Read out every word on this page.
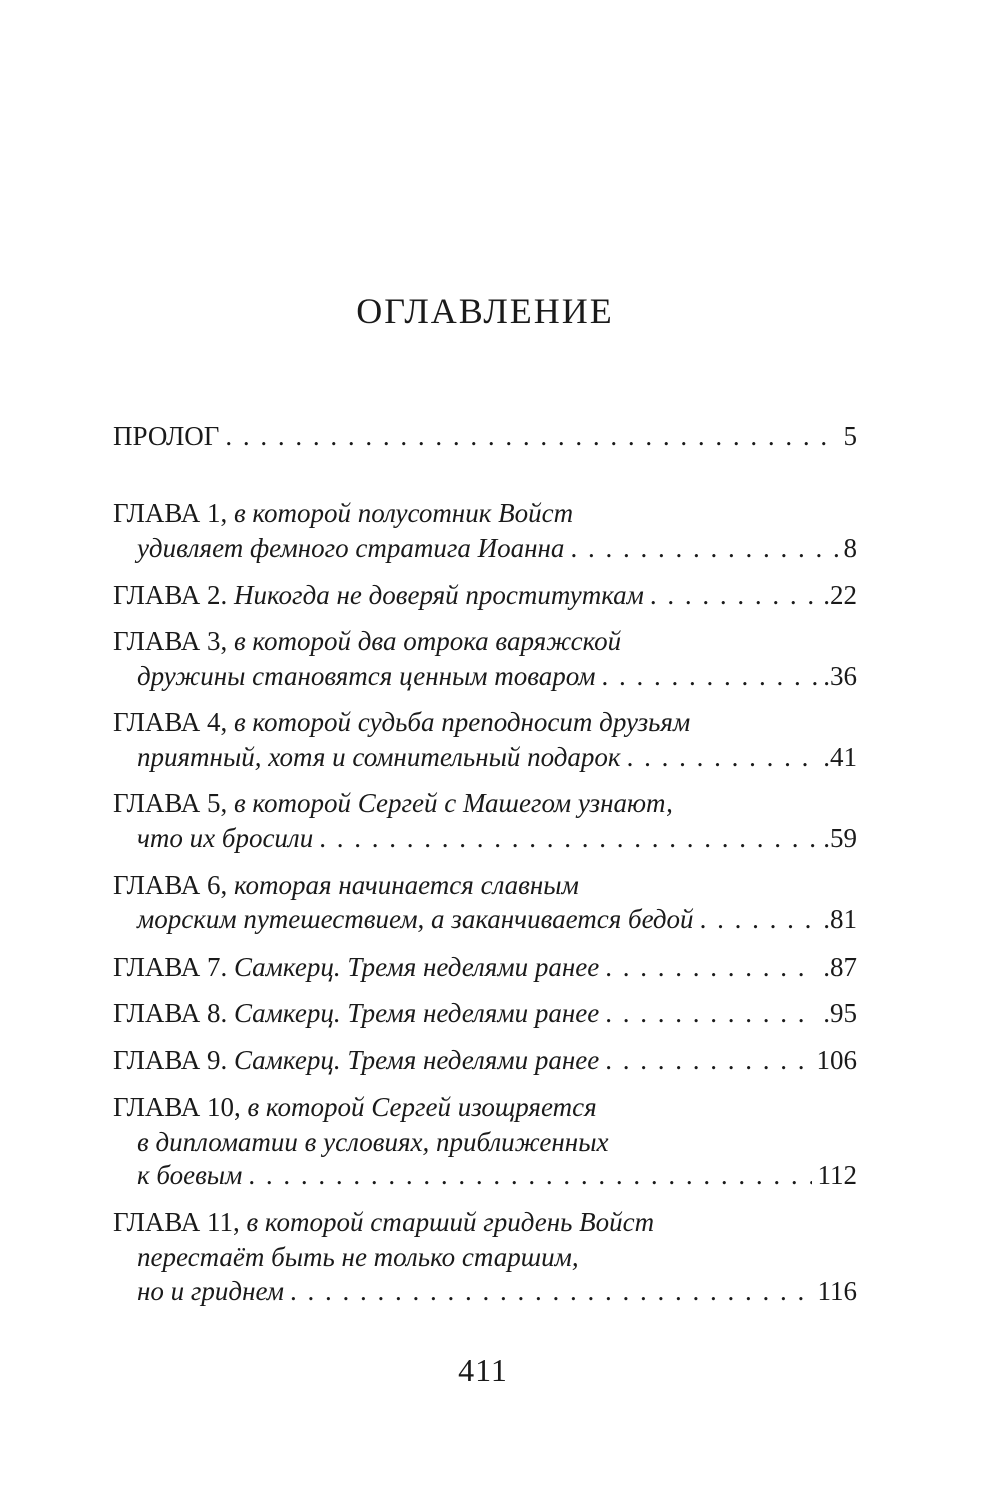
ОГЛАВЛЕНИЕ
ПРОЛОГ . . .	5
ГЛАВА 1 , в которой полусотник Войст
удивляет фемного стратига Иоанна . . .	8
ГЛАВА 2 . Никогда не доверяй проституткам . . .	.22
ГЛАВА 3 , в которой два отрока варяжской
дружины становятся ценным товаром . . .	.36
ГЛАВА 4 , в которой судьба преподносит друзьям
приятный, хотя и сомнительный подарок . . .	.41
ГЛАВА 5 , в которой Сергей с Машегом узнают,
что их бросили . . .	.59
ГЛАВА 6 , которая начинается славным
морским путешествием, а заканчивается бедой . . .	.81
ГЛАВА 7 . Самкерц. Тремя неделями ранее . . .	.87
ГЛАВА 8 . Самкерц. Тремя неделями ранее . . .	.95
ГЛАВА 9 . Самкерц. Тремя неделями ранее . . .	106
ГЛАВА 10 , в которой Сергей изощряется
в дипломатии в условиях, приближенных
к боевым . . .	112
ГЛАВА 11 , в которой старший гридень Войст
перестаёт быть не только старшим,
но и гриднем . . .	116
411
